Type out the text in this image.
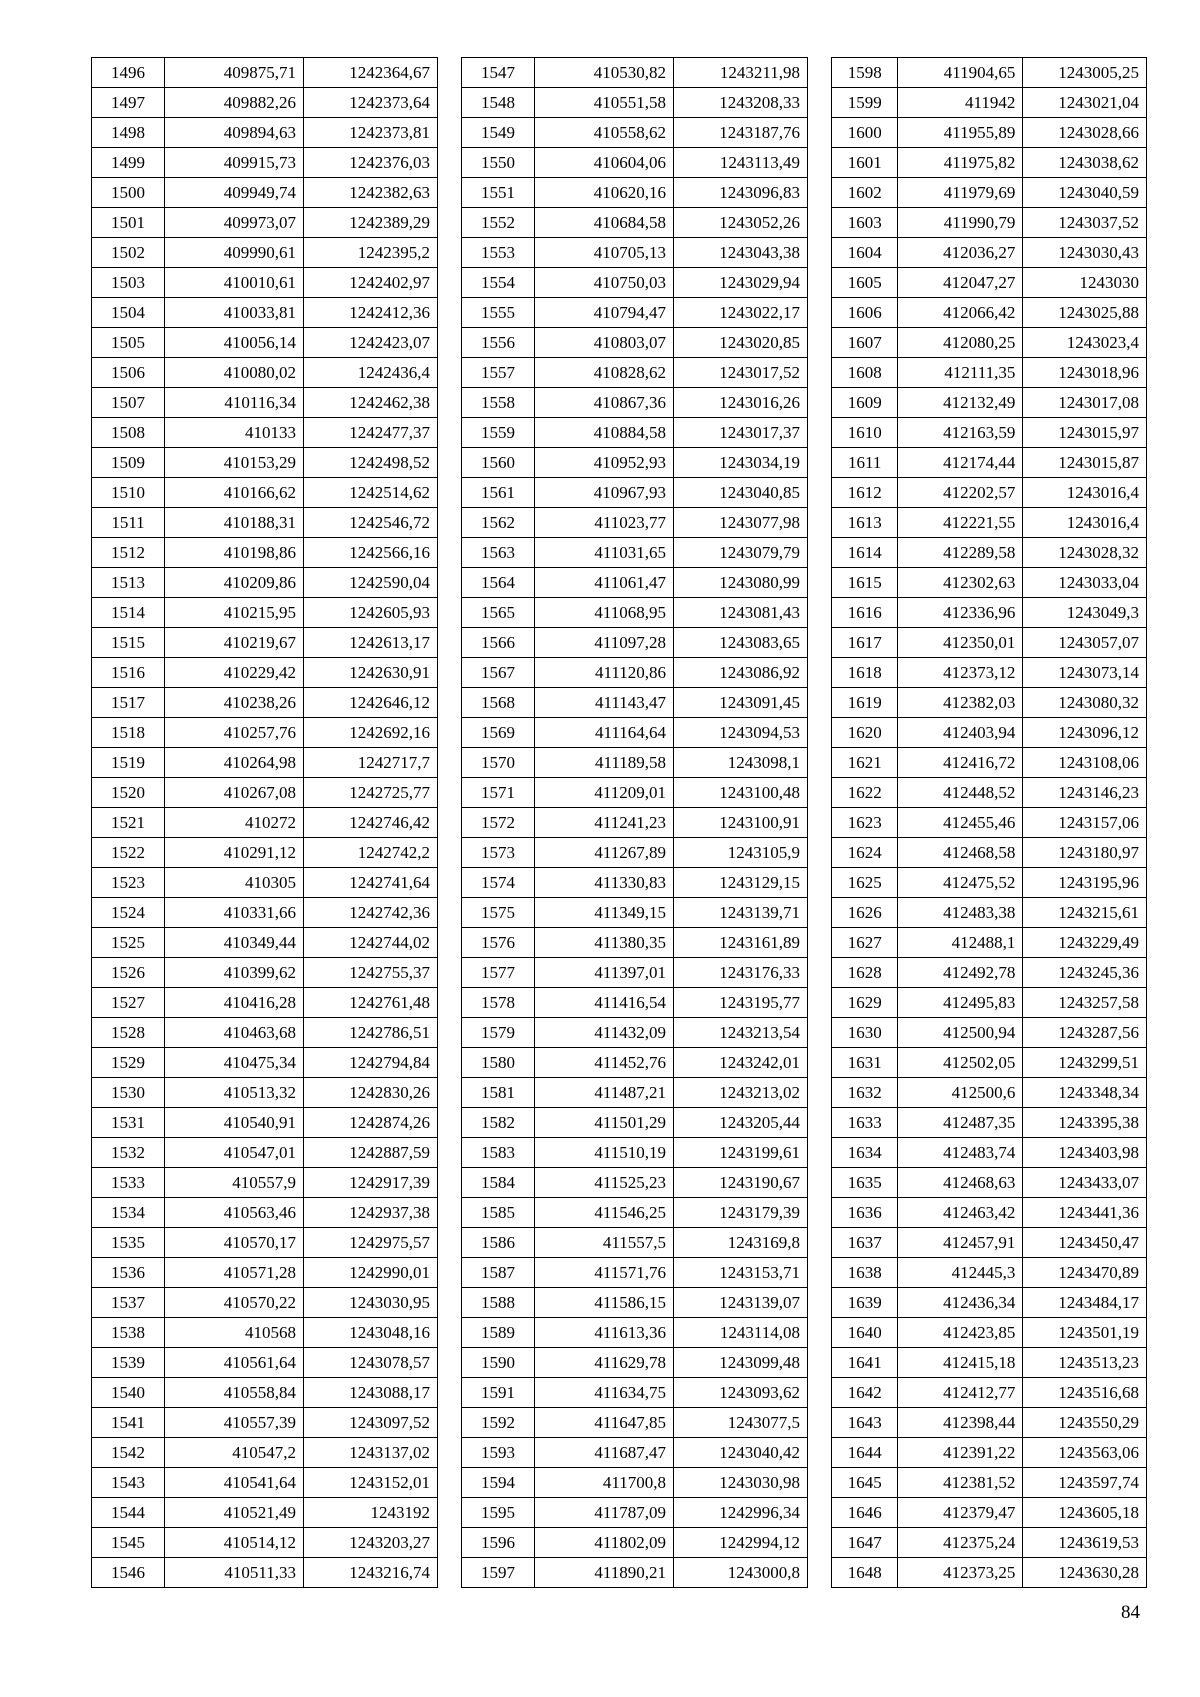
1496	409875,71	1242364,67
1497	409882,26	1242373,64
1498	409894,63	1242373,81
1499	409915,73	1242376,03
1500	409949,74	1242382,63
1501	409973,07	1242389,29
1502	409990,61	1242395,2
1503	410010,61	1242402,97
1504	410033,81	1242412,36
1505	410056,14	1242423,07
1506	410080,02	1242436,4
1507	410116,34	1242462,38
1508	410133	1242477,37
1509	410153,29	1242498,52
1510	410166,62	1242514,62
1511	410188,31	1242546,72
1512	410198,86	1242566,16
1513	410209,86	1242590,04
1514	410215,95	1242605,93
1515	410219,67	1242613,17
1516	410229,42	1242630,91
1517	410238,26	1242646,12
1518	410257,76	1242692,16
1519	410264,98	1242717,7
1520	410267,08	1242725,77
1521	410272	1242746,42
1522	410291,12	1242742,2
1523	410305	1242741,64
1524	410331,66	1242742,36
1525	410349,44	1242744,02
1526	410399,62	1242755,37
1527	410416,28	1242761,48
1528	410463,68	1242786,51
1529	410475,34	1242794,84
1530	410513,32	1242830,26
1531	410540,91	1242874,26
1532	410547,01	1242887,59
1533	410557,9	1242917,39
1534	410563,46	1242937,38
1535	410570,17	1242975,57
1536	410571,28	1242990,01
1537	410570,22	1243030,95
1538	410568	1243048,16
1539	410561,64	1243078,57
1540	410558,84	1243088,17
1541	410557,39	1243097,52
1542	410547,2	1243137,02
1543	410541,64	1243152,01
1544	410521,49	1243192
1545	410514,12	1243203,27
1546	410511,33	1243216,74
1547	410530,82	1243211,98
1548	410551,58	1243208,33
1549	410558,62	1243187,76
1550	410604,06	1243113,49
1551	410620,16	1243096,83
1552	410684,58	1243052,26
1553	410705,13	1243043,38
1554	410750,03	1243029,94
1555	410794,47	1243022,17
1556	410803,07	1243020,85
1557	410828,62	1243017,52
1558	410867,36	1243016,26
1559	410884,58	1243017,37
1560	410952,93	1243034,19
1561	410967,93	1243040,85
1562	411023,77	1243077,98
1563	411031,65	1243079,79
1564	411061,47	1243080,99
1565	411068,95	1243081,43
1566	411097,28	1243083,65
1567	411120,86	1243086,92
1568	411143,47	1243091,45
1569	411164,64	1243094,53
1570	411189,58	1243098,1
1571	411209,01	1243100,48
1572	411241,23	1243100,91
1573	411267,89	1243105,9
1574	411330,83	1243129,15
1575	411349,15	1243139,71
1576	411380,35	1243161,89
1577	411397,01	1243176,33
1578	411416,54	1243195,77
1579	411432,09	1243213,54
1580	411452,76	1243242,01
1581	411487,21	1243213,02
1582	411501,29	1243205,44
1583	411510,19	1243199,61
1584	411525,23	1243190,67
1585	411546,25	1243179,39
1586	411557,5	1243169,8
1587	411571,76	1243153,71
1588	411586,15	1243139,07
1589	411613,36	1243114,08
1590	411629,78	1243099,48
1591	411634,75	1243093,62
1592	411647,85	1243077,5
1593	411687,47	1243040,42
1594	411700,8	1243030,98
1595	411787,09	1242996,34
1596	411802,09	1242994,12
1597	411890,21	1243000,8
1598	411904,65	1243005,25
1599	411942	1243021,04
1600	411955,89	1243028,66
1601	411975,82	1243038,62
1602	411979,69	1243040,59
1603	411990,79	1243037,52
1604	412036,27	1243030,43
1605	412047,27	1243030
1606	412066,42	1243025,88
1607	412080,25	1243023,4
1608	412111,35	1243018,96
1609	412132,49	1243017,08
1610	412163,59	1243015,97
1611	412174,44	1243015,87
1612	412202,57	1243016,4
1613	412221,55	1243016,4
1614	412289,58	1243028,32
1615	412302,63	1243033,04
1616	412336,96	1243049,3
1617	412350,01	1243057,07
1618	412373,12	1243073,14
1619	412382,03	1243080,32
1620	412403,94	1243096,12
1621	412416,72	1243108,06
1622	412448,52	1243146,23
1623	412455,46	1243157,06
1624	412468,58	1243180,97
1625	412475,52	1243195,96
1626	412483,38	1243215,61
1627	412488,1	1243229,49
1628	412492,78	1243245,36
1629	412495,83	1243257,58
1630	412500,94	1243287,56
1631	412502,05	1243299,51
1632	412500,6	1243348,34
1633	412487,35	1243395,38
1634	412483,74	1243403,98
1635	412468,63	1243433,07
1636	412463,42	1243441,36
1637	412457,91	1243450,47
1638	412445,3	1243470,89
1639	412436,34	1243484,17
1640	412423,85	1243501,19
1641	412415,18	1243513,23
1642	412412,77	1243516,68
1643	412398,44	1243550,29
1644	412391,22	1243563,06
1645	412381,52	1243597,74
1646	412379,47	1243605,18
1647	412375,24	1243619,53
1648	412373,25	1243630,28
84
